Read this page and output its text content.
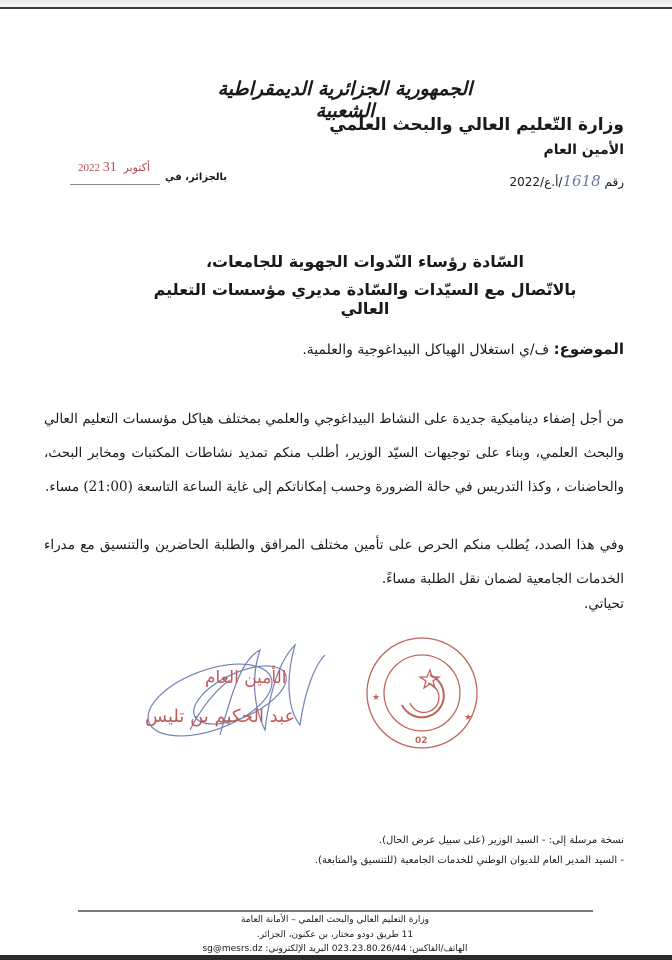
الجمهورية الجزائرية الديمقراطية الشعبية
وزارة التّعليم العالي والبحث العلمي
الأمين العام
رقم 1618/أ.ع/2022
2022 أكتوبر 31
بالجزائر، في
السّادة رؤساء النّدوات الجهوية للجامعات،
بالاتّصال مع السيّدات والسّادة مديري مؤسسات التعليم العالي
الموضوع: ف/ي استغلال الهياكل البيداغوجية والعلمية.
من أجل إضفاء ديناميكية جديدة على النشاط البيداغوجي والعلمي بمختلف هياكل مؤسسات التعليم العالي والبحث العلمي، وبناء على توجيهات السيّد الوزير، أطلب منكم تمديد نشاطات المكتبات ومخابر البحث، والحاضنات ، وكذا التدريس في حالة الضرورة وحسب إمكاناتكم إلى غاية الساعة التاسعة (21:00) مساء.
وفي هذا الصدد، يُطلب منكم الحرص على تأمين مختلف المرافق والطلبة الحاضرين والتنسيق مع مدراء الخدمات الجامعية لضمان نقل الطلبة مساءً.
تحياتي.
الأمين العام
عبد الحكيم بن تليس
★
★
02
نسخة مرسلة إلى: - السيد الوزير (على سبيل عرض الحال).
- السيد المدير العام للديوان الوطني للخدمات الجامعية (للتنسيق والمتابعة).
وزارة التعليم العالي والبحث العلمي – الأمانة العامة
11 طريق دودو مختار، بن عكنون، الجزائر.
الهاتف/الفاكس: 023.23.80.26/44 البريد الإلكتروني: sg@mesrs.dz
